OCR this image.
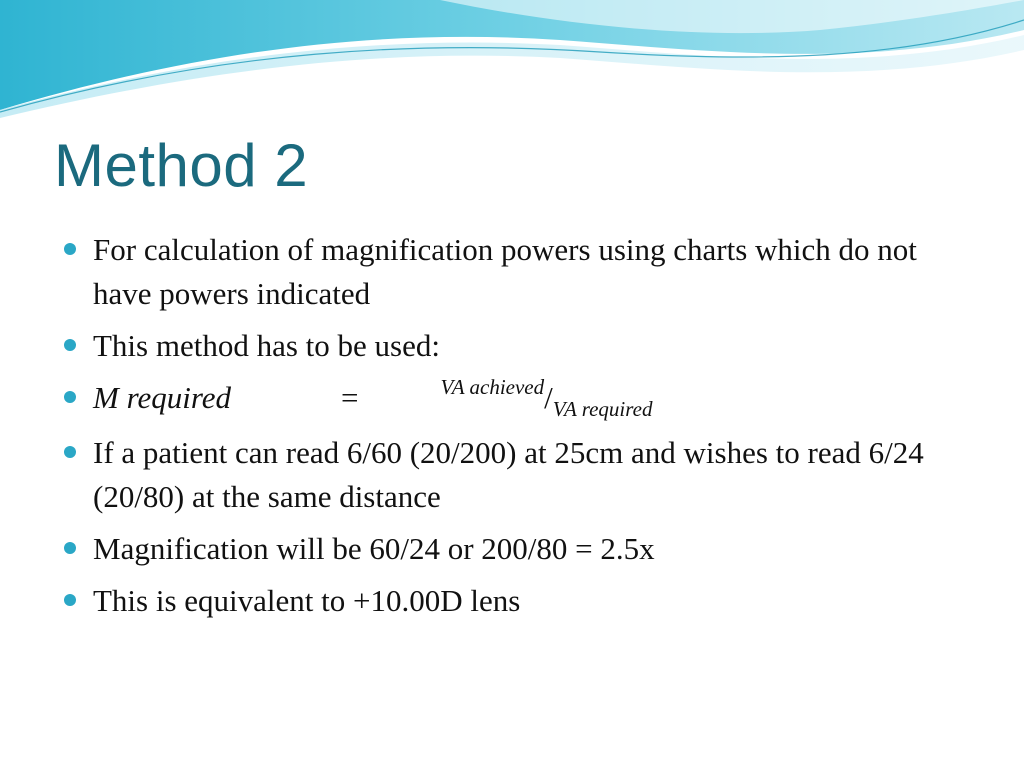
Method 2
For calculation of magnification powers using charts which do not have powers indicated
This method has to be used:
M required	=	$^{VA achieved}/_{VA required}$
If a patient can read 6/60 (20/200) at 25cm and wishes to read 6/24 (20/80) at the same distance
Magnification will be 60/24 or 200/80 = 2.5x
This is equivalent to +10.00D lens
